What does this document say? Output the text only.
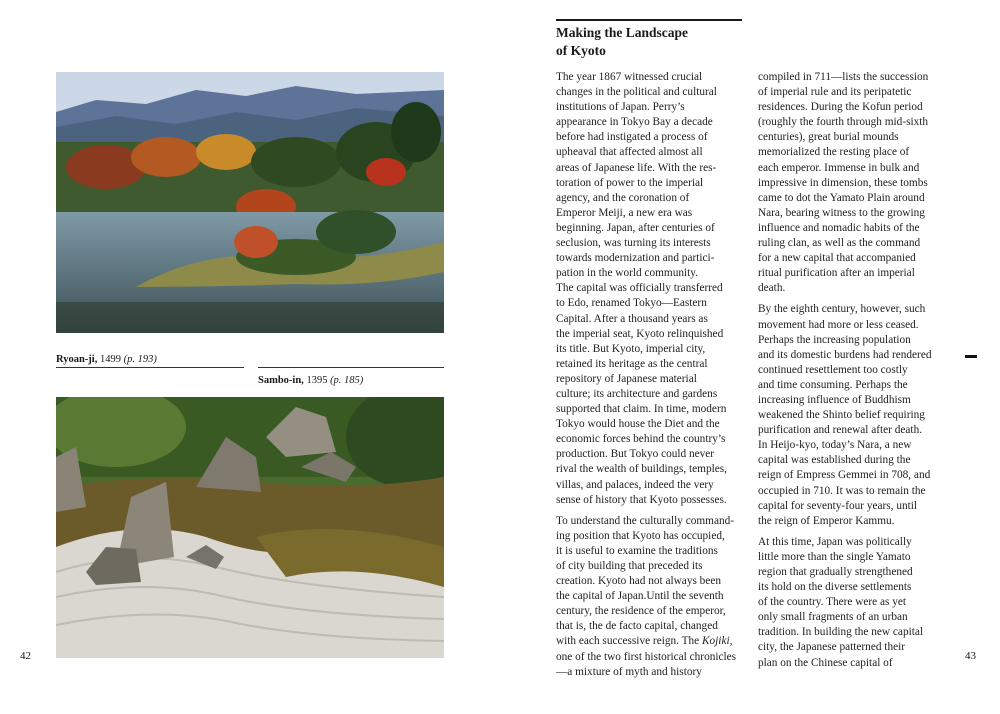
Ryoan-ji, 1499 (p. 193)
Sambo-in, 1395 (p. 185)
42
Making the Landscape
of Kyoto
The year 1867 witnessed crucial
changes in the political and cultural
institutions of Japan. Perry’s
appearance in Tokyo Bay a decade
before had instigated a process of
upheaval that affected almost all
areas of Japanese life. With the res-
toration of power to the imperial
agency, and the coronation of
Emperor Meiji, a new era was
beginning. Japan, after centuries of
seclusion, was turning its interests
towards modernization and partici-
pation in the world community.
The capital was officially transferred
to Edo, renamed Tokyo—Eastern
Capital. After a thousand years as
the imperial seat, Kyoto relinquished
its title. But Kyoto, imperial city,
retained its heritage as the central
repository of Japanese material
culture; its architecture and gardens
supported that claim. In time, modern
Tokyo would house the Diet and the
economic forces behind the country’s
production. But Tokyo could never
rival the wealth of buildings, temples,
villas, and palaces, indeed the very
sense of history that Kyoto possesses.
To understand the culturally command-
ing position that Kyoto has occupied,
it is useful to examine the traditions
of city building that preceded its
creation. Kyoto had not always been
the capital of Japan.Until the seventh
century, the residence of the emperor,
that is, the de facto capital, changed
with each successive reign. The Kojiki,
one of the two first historical chronicles
—a mixture of myth and history
compiled in 711—lists the succession
of imperial rule and its peripatetic
residences. During the Kofun period
(roughly the fourth through mid-sixth
centuries), great burial mounds
memorialized the resting place of
each emperor. Immense in bulk and
impressive in dimension, these tombs
came to dot the Yamato Plain around
Nara, bearing witness to the growing
influence and nomadic habits of the
ruling clan, as well as the command
for a new capital that accompanied
ritual purification after an imperial
death.
By the eighth century, however, such
movement had more or less ceased.
Perhaps the increasing population
and its domestic burdens had rendered
continued resettlement too costly
and time consuming. Perhaps the
increasing influence of Buddhism
weakened the Shinto belief requiring
purification and renewal after death.
In Heijo-kyo, today’s Nara, a new
capital was established during the
reign of Empress Gemmei in 708, and
occupied in 710. It was to remain the
capital for seventy-four years, until
the reign of Emperor Kammu.
At this time, Japan was politically
little more than the single Yamato
region that gradually strengthened
its hold on the diverse settlements
of the country. There were as yet
only small fragments of an urban
tradition. In building the new capital
city, the Japanese patterned their
plan on the Chinese capital of
43
